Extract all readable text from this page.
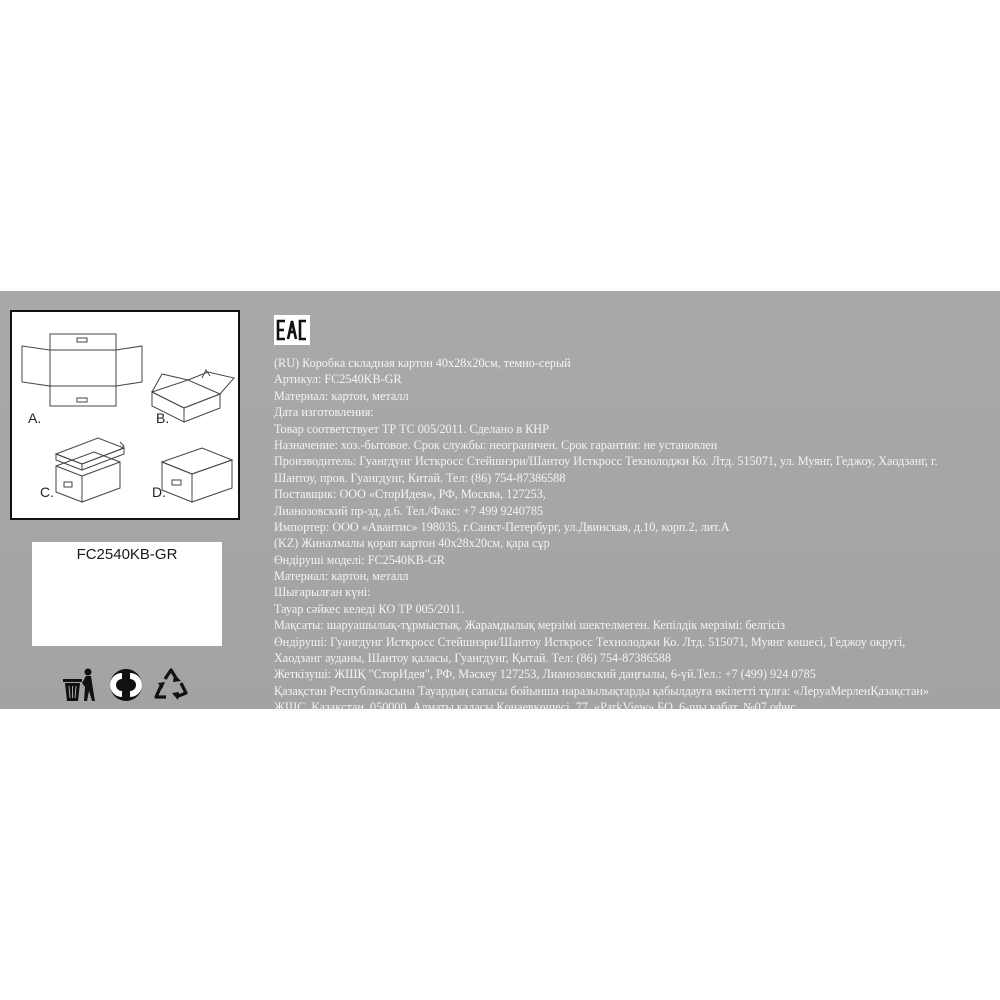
A.	B.
C.	D.
FC2540KB-GR
(RU) Коробка складная картон 40x28x20см, темно-серый
Артикул: FC2540KB-GR
Материал: картон, металл
Дата изготовления:
Товар соответствует ТР ТС 005/2011. Сделано в КНР
Назначение: хоз.-бытовое. Срок службы: неограничен. Срок гарантии: не установлен
Производитель: Гуангдунг Исткросс Стейшнэри/Шантоу Исткросс Технолоджи Ко. Лтд. 515071, ул. Муянг, Геджоу, Хаодзанг, г.
Шантоу, пров. Гуангдунг, Китай. Тел: (86) 754-87386588
Поставщик: ООО «СторИдея», РФ, Москва, 127253,
Лианозовский пр-зд, д.6. Тел./Факс: +7 499 9240785
Импортер: ООО «Авантис» 198035, г.Санкт-Петербург, ул.Двинская, д.10, корп.2, лит.А
(KZ) Жиналмалы қорап картон 40x28x20см, қара сұр
Өндіруші моделі: FC2540KB-GR
Материал: картон, металл
Шығарылған күні:
Тауар сәйкес келеді КО ТР 005/2011.
Мақсаты: шаруашылық-тұрмыстық. Жарамдылық мерзімі шектелмеген. Кепілдік мерзімі: белгісіз
Өндіруші: Гуангдунг Исткросс Стейшнэри/Шантоу Исткросс Технолоджи Ко. Лтд. 515071, Муянг көшесі, Геджоу округі,
Хаодзанг ауданы, Шантоу қаласы, Гуангдунг, Қытай. Тел: (86) 754-87386588
Жеткізуші: ЖШҚ "СторИдея", РФ, Мәскеу 127253, Лианозовский даңғылы, 6-үй.Тел.: +7 (499) 924 0785
Қазақстан Республикасына Тауардың сапасы бойынша наразылықтарды қабылдауға өкілетті тұлға: «ЛеруаМерленҚазақстан»
ЖШС, Қазақстан, 050000, Алматы қаласы,Қонаевкөшесі, 77, «ParkView» БО, 6-шы қабат, №07 офис
